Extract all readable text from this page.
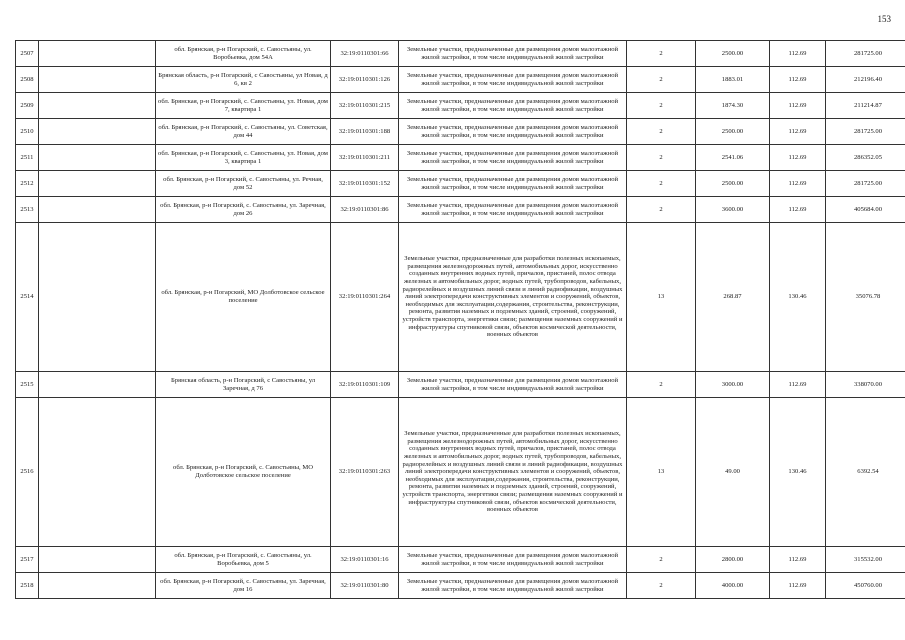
153
2507		обл. Брянская, р-н Погарский, с. Савостьяны, ул. Воробьевка, дом 54А	32:19:0110301:66	Земельные участки, предназначенные для размещения домов малоэтажной жилой застройки, в том числе индивидуальной жилой застройки	2	2500.00	112.69	281725.00
2508		Брянская область, р-н Погарский, с Савостьяны, ул Новая, д 6, кв 2	32:19:0110301:126	Земельные участки, предназначенные для размещения домов малоэтажной жилой застройки, в том числе индивидуальной жилой застройки	2	1883.01	112.69	212196.40
2509		обл. Брянская, р-н Погарский, с. Савостьяны, ул. Новая, дом 7, квартира 1	32:19:0110301:215	Земельные участки, предназначенные для размещения домов малоэтажной жилой застройки, в том числе индивидуальной жилой застройки	2	1874.30	112.69	211214.87
2510		обл. Брянская, р-н Погарский, с. Савостьяны, ул. Советская, дом 44	32:19:0110301:188	Земельные участки, предназначенные для размещения домов малоэтажной жилой застройки, в том числе индивидуальной жилой застройки	2	2500.00	112.69	281725.00
2511		обл. Брянская, р-н Погарский, с. Савостьяны, ул. Новая, дом 3, квартира 1	32:19:0110301:211	Земельные участки, предназначенные для размещения домов малоэтажной жилой застройки, в том числе индивидуальной жилой застройки	2	2541.06	112.69	286352.05
2512		обл. Брянская, р-н Погарский, с. Савостьяны, ул. Речная, дом 52	32:19:0110301:152	Земельные участки, предназначенные для размещения домов малоэтажной жилой застройки, в том числе индивидуальной жилой застройки	2	2500.00	112.69	281725.00
2513		обл. Брянская, р-н Погарский, с. Савостьяны, ул. Заречная, дом 26	32:19:0110301:86	Земельные участки, предназначенные для размещения домов малоэтажной жилой застройки, в том числе индивидуальной жилой застройки	2	3600.00	112.69	405684.00
2514		обл. Брянская, р-н Погарский, МО Долботовское сельское поселение	32:19:0110301:264	Земельные участки, предназначенные для разработки полезных ископаемых, размещения железнодорожных путей, автомобильных дорог, искусственно созданных внутренних водных путей, причалов, пристаней, полос отвода железных и автомобильных дорог, водных путей, трубопроводов, кабельных, радиорелейных и воздушных линий связи и линий радиофикации, воздушных линий электропередачи конструктивных элементов и сооружений, объектов, необходимых для эксплуатации,содержания, строительства, реконструкции, ремонта, развития наземных и подземных зданий, строений, сооружений, устройств транспорта, энергетики связи; размещения наземных сооружений и инфраструктуры спутниковой связи, объектов космической деятельности, военных объектов	13	268.87	130.46	35076.78
2515		Брянская область, р-н Погарский, с Савостьяны, ул Заречная, д 76	32:19:0110301:109	Земельные участки, предназначенные для размещения домов малоэтажной жилой застройки, в том числе индивидуальной жилой застройки	2	3000.00	112.69	338070.00
2516		обл. Брянская, р-н Погарский, с. Савостьяны, МО Долботовское сельское поселение	32:19:0110301:263	Земельные участки, предназначенные для разработки полезных ископаемых, размещения железнодорожных путей, автомобильных дорог, искусственно созданных внутренних водных путей, причалов, пристаней, полос отвода железных и автомобильных дорог, водных путей, трубопроводов, кабельных, радиорелейных и воздушных линий связи и линий радиофикации, воздушных линий электропередачи конструктивных элементов и сооружений, объектов, необходимых для эксплуатации,содержания, строительства, реконструкции, ремонта, развития наземных и подземных зданий, строений, сооружений, устройств транспорта, энергетики связи; размещения наземных сооружений и инфраструктуры спутниковой связи, объектов космической деятельности, военных объектов	13	49.00	130.46	6392.54
2517		обл. Брянская, р-н Погарский, с. Савостьяны, ул. Воробьевка, дом 5	32:19:0110301:16	Земельные участки, предназначенные для размещения домов малоэтажной жилой застройки, в том числе индивидуальной жилой застройки	2	2800.00	112.69	315532.00
2518		обл. Брянская, р-н Погарский, с. Савостьяны, ул. Заречная, дом 16	32:19:0110301:80	Земельные участки, предназначенные для размещения домов малоэтажной жилой застройки, в том числе индивидуальной жилой застройки	2	4000.00	112.69	450760.00
